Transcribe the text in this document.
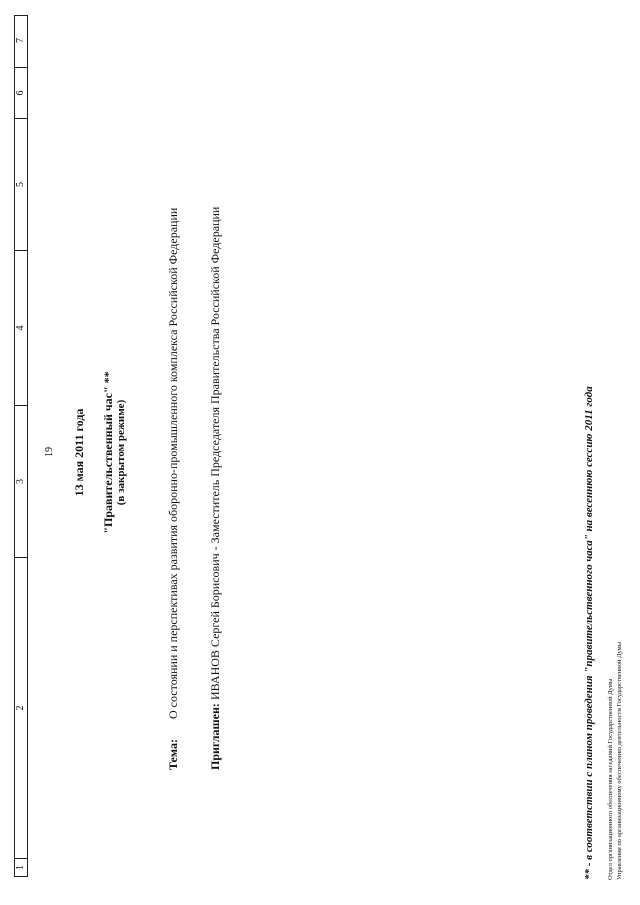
1
2
3
4
5
6
7
19 13 мая 2011 года "Правительственный час" ** (в закрытом режиме)
Тема: О состоянии и перспективах развития оборонно-промышленного комплекса Российской Федерации
Приглашен: ИВАНОВ Сергей Борисович - Заместитель Председателя Правительства Российской Федерации	** - в соответствии с планом проведения "правительственного часа" на весеннюю сессию 2011 года Отдел организационного обеспечения заседаний Государственной Думы Управления по организационному обеспечению деятельности Государственной Думы
